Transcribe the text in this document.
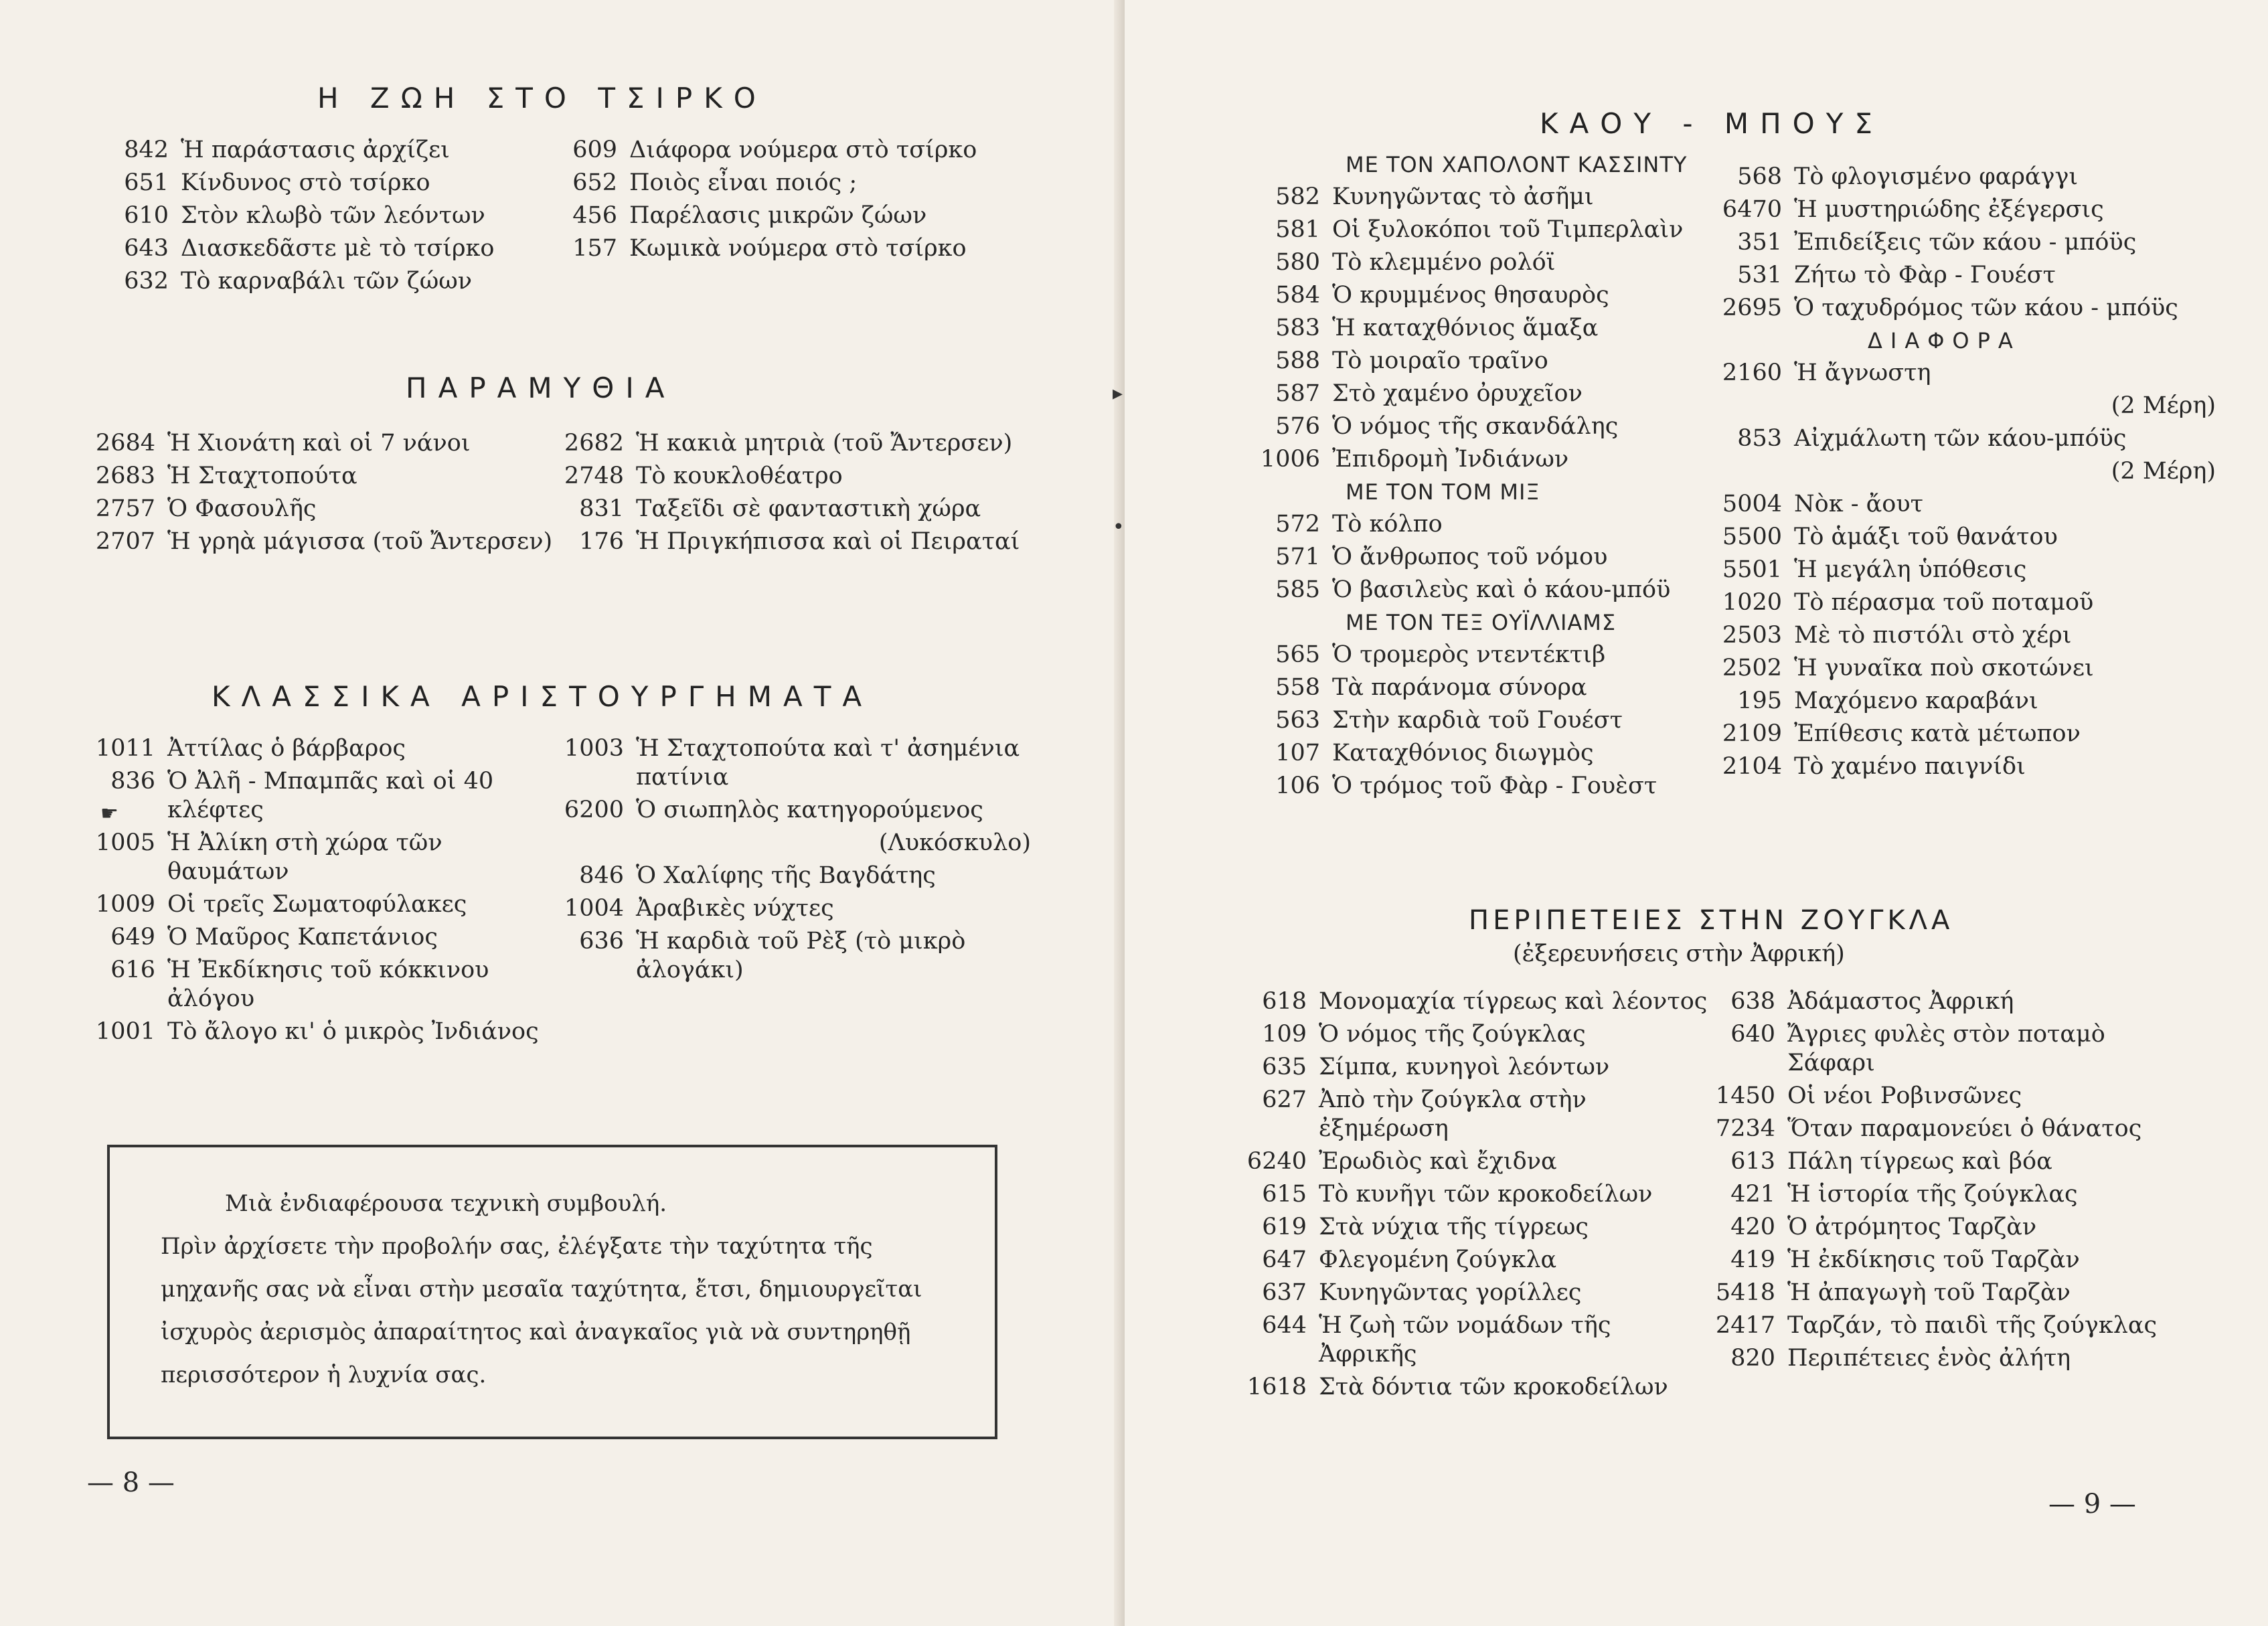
Η ΖΩΗ ΣΤΟ ΤΣΙΡΚΟ
842 Ἡ παράστασις ἀρχίζει
651 Κίνδυνος στὸ τσίρκο
610 Στὸν κλωβὸ τῶν λεόντων
643 Διασκεδᾶστε μὲ τὸ τσίρκο
632 Τὸ καρναβάλι τῶν ζώων
609 Διάφορα νούμερα στὸ τσίρκο
652 Ποιὸς εἶναι ποιός ;
456 Παρέλασις μικρῶν ζώων
157 Κωμικὰ νούμερα στὸ τσίρκο
ΠΑΡΑΜΥΘΙΑ
2684 Ἡ Χιονάτη καὶ οἱ 7 νάνοι
2683 Ἡ Σταχτοπούτα
2757 Ὁ Φασουλῆς
2707 Ἡ γρηὰ μάγισσα (τοῦ Ἄντερσεν)
2682 Ἡ κακιὰ μητριὰ (τοῦ Ἄντερσεν)
2748 Τὸ κουκλοθέατρο
831 Ταξεῖδι σὲ φανταστικὴ χώρα
176 Ἡ Πριγκήπισσα καὶ οἱ Πειραταί
ΚΛΑΣΣΙΚΑ ΑΡΙΣΤΟΥΡΓΗΜΑΤΑ
1011 Ἀττίλας ὁ βάρβαρος
836 Ὁ Ἀλῆ - Μπαμπᾶς καὶ οἱ 40 κλέφτες
1005 Ἡ Ἀλίκη στὴ χώρα τῶν θαυμάτων
1009 Οἱ τρεῖς Σωματοφύλακες
649 Ὁ Μαῦρος Καπετάνιος
616 Ἡ Ἐκδίκησις τοῦ κόκκινου ἀλόγου
1001 Τὸ ἄλογο κι' ὁ μικρὸς Ἰνδιάνος
1003 Ἡ Σταχτοπούτα καὶ τ' ἀσημένια πατίνια
6200 Ὁ σιωπηλὸς κατηγορούμενος
(Λυκόσκυλο)
846 Ὁ Χαλίφης τῆς Βαγδάτης
1004 Ἀραβικὲς νύχτες
636 Ἡ καρδιὰ τοῦ Ρὲξ (τὸ μικρὸ ἀλογάκι)
☛
Μιὰ ἐνδιαφέρουσα τεχνικὴ συμβουλή.
Πρὶν ἀρχίσετε τὴν προβολήν σας, ἐλέγξατε τὴν ταχύτητα τῆς μηχανῆς σας νὰ εἶναι στὴν μεσαῖα ταχύτητα, ἔτσι, δημιουργεῖται ἰσχυρὸς ἀερισμὸς ἀπαραίτητος καὶ ἀναγκαῖος γιὰ νὰ συντηρηθῇ περισσότερον ἡ λυχνία σας.
— 8 —
▸
•
ΚΑΟΥ - ΜΠΟΥΣ
ΜΕ ΤΟΝ ΧΑΠΟΛΟΝΤ ΚΑΣΣΙΝΤΥ
582 Κυνηγῶντας τὸ ἀσῆμι
581 Οἱ ξυλοκόποι τοῦ Τιμπερλαὶν
580 Τὸ κλεμμένο ρολόϊ
584 Ὁ κρυμμένος θησαυρὸς
583 Ἡ καταχθόνιος ἅμαξα
588 Τὸ μοιραῖο τραῖνο
587 Στὸ χαμένο ὀρυχεῖον
576 Ὁ νόμος τῆς σκανδάλης
1006 Ἐπιδρομὴ Ἰνδιάνων
ΜΕ ΤΟΝ ΤΟΜ ΜΙΞ
572 Τὸ κόλπο
571 Ὁ ἄνθρωπος τοῦ νόμου
585 Ὁ βασιλεὺς καὶ ὁ κάου-μπόϋ
ΜΕ ΤΟΝ ΤΕΞ ΟΥΪΛΛΙΑΜΣ
565 Ὁ τρομερὸς ντεντέκτιβ
558 Τὰ παράνομα σύνορα
563 Στὴν καρδιὰ τοῦ Γουέστ
107 Καταχθόνιος διωγμὸς
106 Ὁ τρόμος τοῦ Φὰρ - Γουὲστ
568 Τὸ φλογισμένο φαράγγι
6470 Ἡ μυστηριώδης ἐξέγερσις
351 Ἐπιδείξεις τῶν κάου - μπόϋς
531 Ζήτω τὸ Φὰρ - Γουέστ
2695 Ὁ ταχυδρόμος τῶν κάου - μπόϋς
ΔΙΑΦΟΡΑ
2160 Ἡ ἄγνωστη
(2 Μέρη)
853 Αἰχμάλωτη τῶν κάου-μπόϋς
(2 Μέρη)
5004 Νὸκ - ἄουτ
5500 Τὸ ἁμάξι τοῦ θανάτου
5501 Ἡ μεγάλη ὑπόθεσις
1020 Τὸ πέρασμα τοῦ ποταμοῦ
2503 Μὲ τὸ πιστόλι στὸ χέρι
2502 Ἡ γυναῖκα ποὺ σκοτώνει
195 Μαχόμενο καραβάνι
2109 Ἐπίθεσις κατὰ μέτωπον
2104 Τὸ χαμένο παιγνίδι
ΠΕΡΙΠΕΤΕΙΕΣ ΣΤΗΝ ΖΟΥΓΚΛΑ
(ἐξερευνήσεις στὴν Ἀφρική)
618 Μονομαχία τίγρεως καὶ λέοντος
109 Ὁ νόμος τῆς ζούγκλας
635 Σίμπα, κυνηγοὶ λεόντων
627 Ἀπὸ τὴν ζούγκλα στὴν ἐξημέρωση
6240 Ἐρωδιὸς καὶ ἔχιδνα
615 Τὸ κυνῆγι τῶν κροκοδείλων
619 Στὰ νύχια τῆς τίγρεως
647 Φλεγομένη ζούγκλα
637 Κυνηγῶντας γορίλλες
644 Ἡ ζωὴ τῶν νομάδων τῆς Ἀφρικῆς
1618 Στὰ δόντια τῶν κροκοδείλων
638 Ἀδάμαστος Ἀφρική
640 Ἄγριες φυλὲς στὸν ποταμὸ Σάφαρι
1450 Οἱ νέοι Ροβινσῶνες
7234 Ὅταν παραμονεύει ὁ θάνατος
613 Πάλη τίγρεως καὶ βόα
421 Ἡ ἱστορία τῆς ζούγκλας
420 Ὁ ἀτρόμητος Ταρζὰν
419 Ἡ ἐκδίκησις τοῦ Ταρζὰν
5418 Ἡ ἀπαγωγὴ τοῦ Ταρζὰν
2417 Ταρζάν, τὸ παιδὶ τῆς ζούγκλας
820 Περιπέτειες ἑνὸς ἀλήτη
— 9 —
